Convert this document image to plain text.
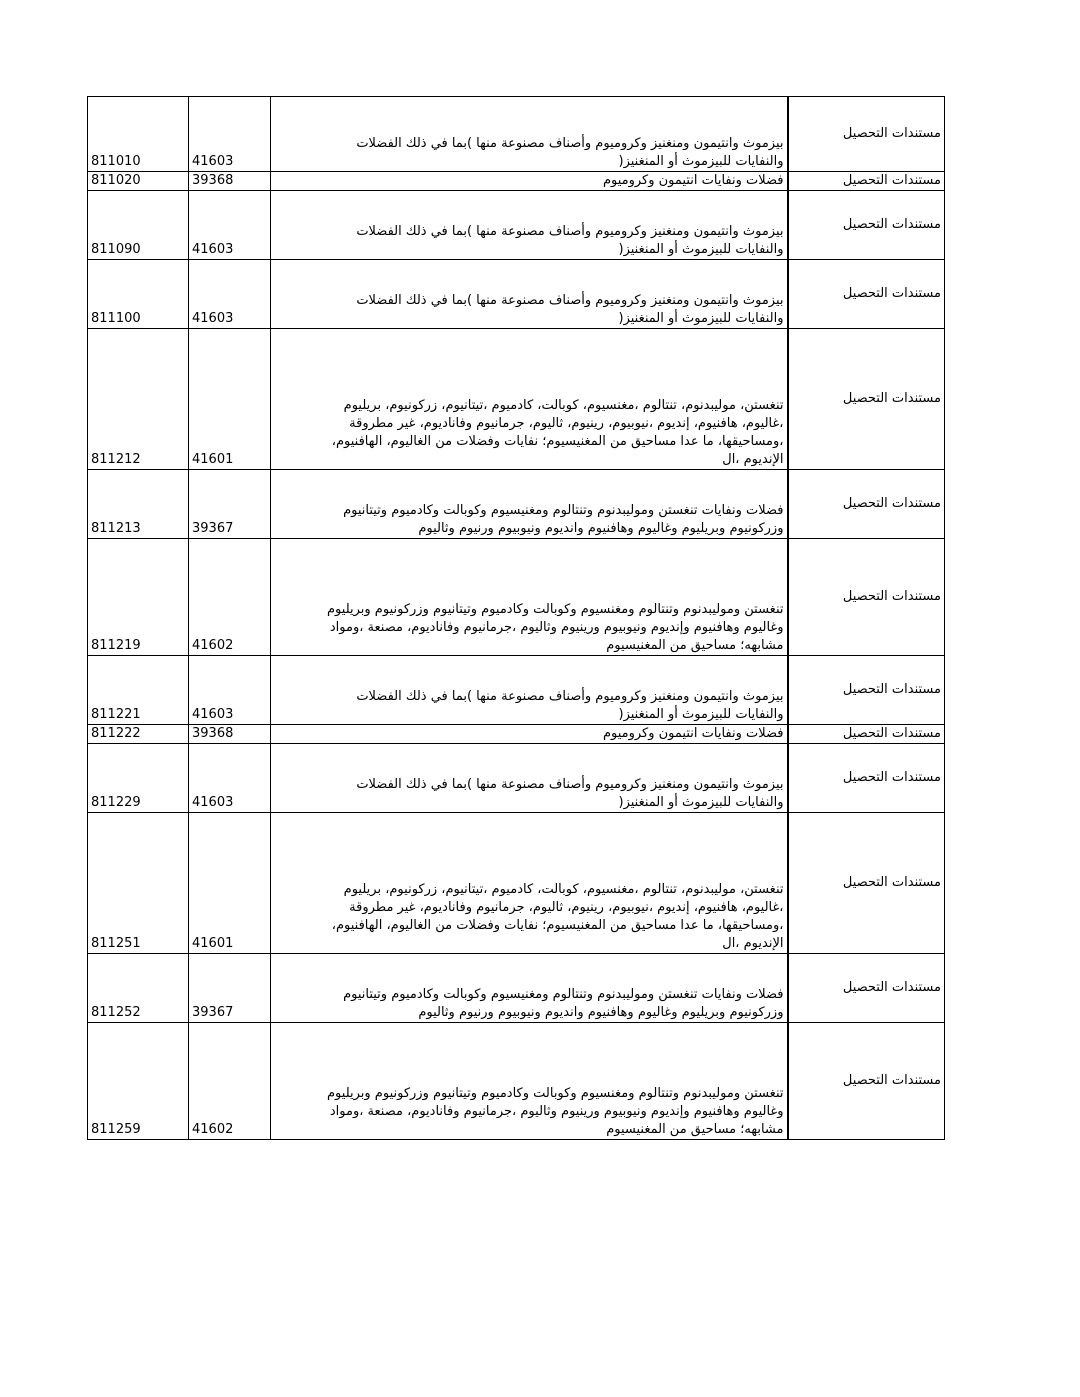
811010	41603	بيزموث وانتيمون ومنغنيز وكروميوم وأصناف مصنوعة منها )بما في ذلك الفضلات
والنفايات للبيزموث أو المنغنيز(	مستندات التحصيل
811020	39368	فضلات ونفايات انتيمون وكروميوم	مستندات التحصيل
811090	41603	بيزموث وانتيمون ومنغنيز وكروميوم وأصناف مصنوعة منها )بما في ذلك الفضلات
والنفايات للبيزموث أو المنغنيز(	مستندات التحصيل
811100	41603	بيزموث وانتيمون ومنغنيز وكروميوم وأصناف مصنوعة منها )بما في ذلك الفضلات
والنفايات للبيزموث أو المنغنيز(	مستندات التحصيل
811212	41601	تنغستن، موليبدنوم، تنتالوم ،مغنسيوم، كوبالت، كادميوم ،تيتانيوم، زركونيوم، بريليوم
،غاليوم، هافنيوم، إنديوم ،نيوبيوم، رينيوم، ثاليوم، جرمانيوم وفاناديوم، غير مطروقة
،ومساحيقها، ما عدا مساحيق من المغنيسيوم؛ نفايات وفضلات من الغاليوم، الهافنيوم،
الإنديوم ،ال	مستندات التحصيل
811213	39367	فضلات ونفايات تنغستن وموليبدنوم وتنتالوم ومغنيسيوم وكوبالت وكادميوم وتيتانيوم
وزركونيوم وبريليوم وغاليوم وهافنيوم وانديوم ونيوبيوم ورنيوم وثاليوم	مستندات التحصيل
811219	41602	تنغستن وموليبدنوم وتنتالوم ومغنسيوم وكوبالت وكادميوم وتيتانيوم وزركونيوم وبريليوم
وغاليوم وهافنيوم وإنديوم ونيوبيوم ورينيوم وثاليوم ،جرمانيوم وفاناديوم، مصنعة ،ومواد
مشابهه؛ مساحيق من المغنيسيوم	مستندات التحصيل
811221	41603	بيزموث وانتيمون ومنغنيز وكروميوم وأصناف مصنوعة منها )بما في ذلك الفضلات
والنفايات للبيزموث أو المنغنيز(	مستندات التحصيل
811222	39368	فضلات ونفايات انتيمون وكروميوم	مستندات التحصيل
811229	41603	بيزموث وانتيمون ومنغنيز وكروميوم وأصناف مصنوعة منها )بما في ذلك الفضلات
والنفايات للبيزموث أو المنغنيز(	مستندات التحصيل
811251	41601	تنغستن، موليبدنوم، تنتالوم ،مغنسيوم، كوبالت، كادميوم ،تيتانيوم، زركونيوم، بريليوم
،غاليوم، هافنيوم، إنديوم ،نيوبيوم، رينيوم، ثاليوم، جرمانيوم وفاناديوم، غير مطروقة
،ومساحيقها، ما عدا مساحيق من المغنيسيوم؛ نفايات وفضلات من الغاليوم، الهافنيوم،
الإنديوم ،ال	مستندات التحصيل
811252	39367	فضلات ونفايات تنغستن وموليبدنوم وتنتالوم ومغنيسيوم وكوبالت وكادميوم وتيتانيوم
وزركونيوم وبريليوم وغاليوم وهافنيوم وانديوم ونيوبيوم ورنيوم وثاليوم	مستندات التحصيل
811259	41602	تنغستن وموليبدنوم وتنتالوم ومغنسيوم وكوبالت وكادميوم وتيتانيوم وزركونيوم وبريليوم
وغاليوم وهافنيوم وإنديوم ونيوبيوم ورينيوم وثاليوم ،جرمانيوم وفاناديوم، مصنعة ،ومواد
مشابهه؛ مساحيق من المغنيسيوم	مستندات التحصيل
